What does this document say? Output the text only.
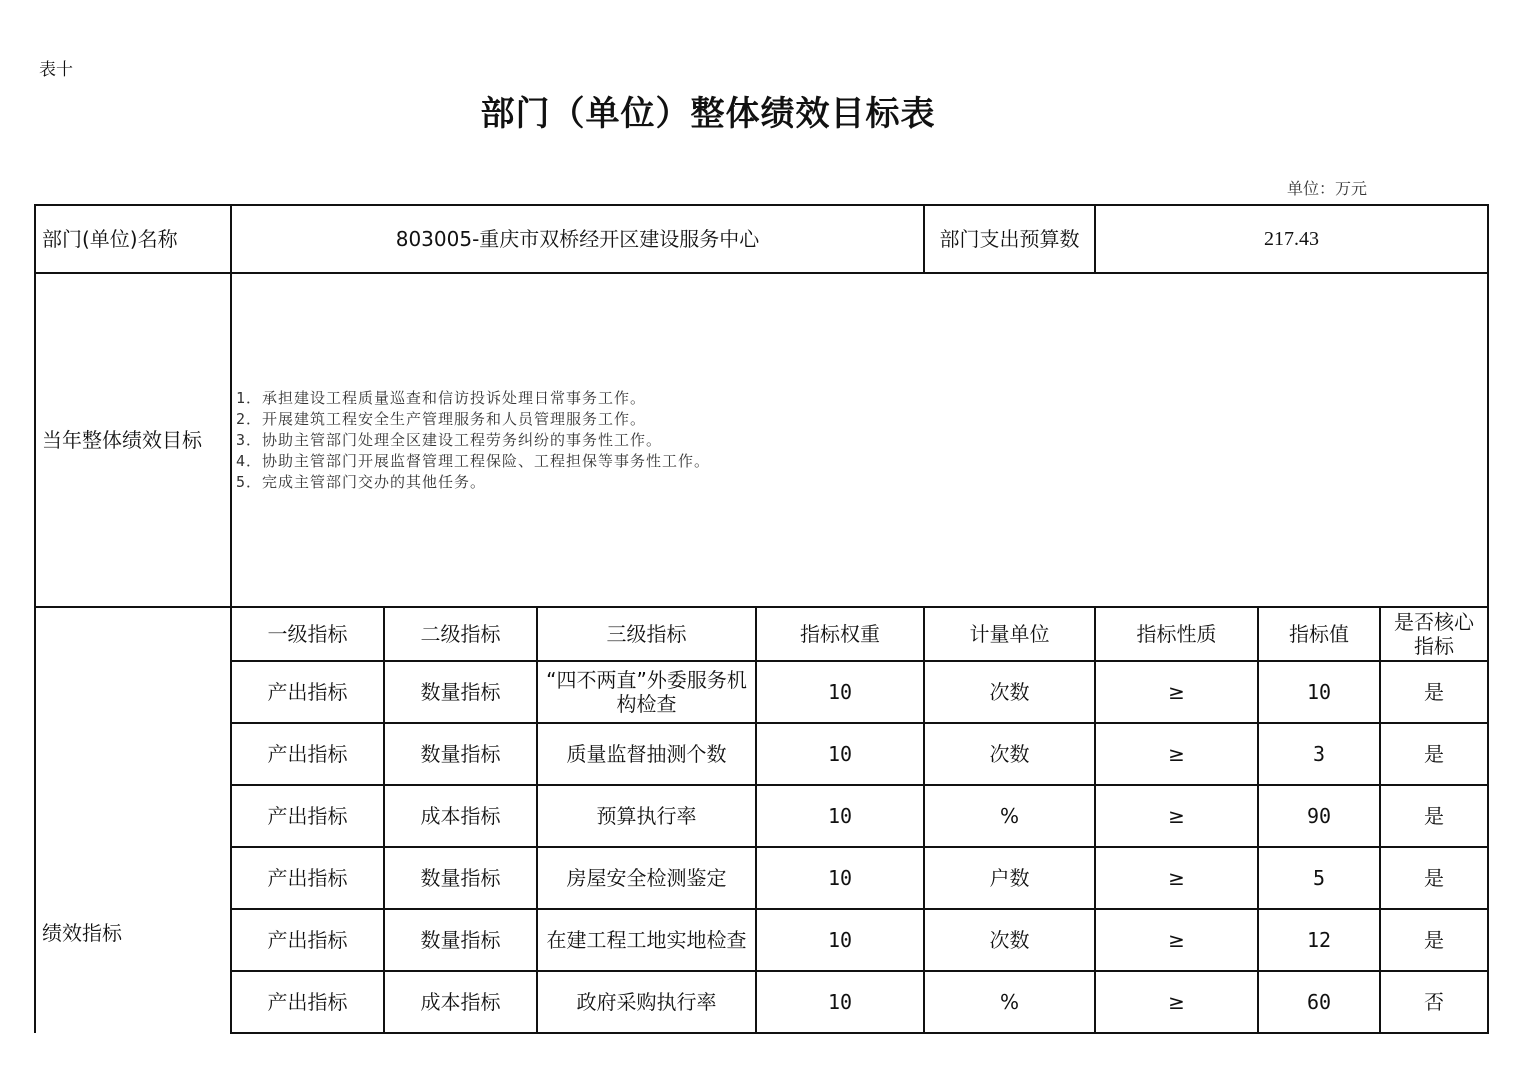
表十
部门（单位）整体绩效目标表
单位：万元
部门(单位)名称	803005-重庆市双桥经开区建设服务中心				部门支出预算数	217.43		
当年整体绩效目标	1．承担建设工程质量巡查和信访投诉处理日常事务工作。
2．开展建筑工程安全生产管理服务和人员管理服务工作。
3．协助主管部门处理全区建设工程劳务纠纷的事务性工作。
4．协助主管部门开展监督管理工程保险、工程担保等事务性工作。
5．完成主管部门交办的其他任务。							

绩效指标	一级指标	二级指标	三级指标	指标权重	计量单位	指标性质	指标值	是否核心
指标

	产出指标	数量指标	“四不两直”外委服务机构检查	10	次数	≥	10	是
	产出指标	数量指标	质量监督抽测个数	10	次数	≥	3	是
	产出指标	成本指标	预算执行率	10	%	≥	90	是
	产出指标	数量指标	房屋安全检测鉴定	10	户数	≥	5	是
	产出指标	数量指标	在建工程工地实地检查	10	次数	≥	12	是
	产出指标	成本指标	政府采购执行率	10	%	≥	60	否
